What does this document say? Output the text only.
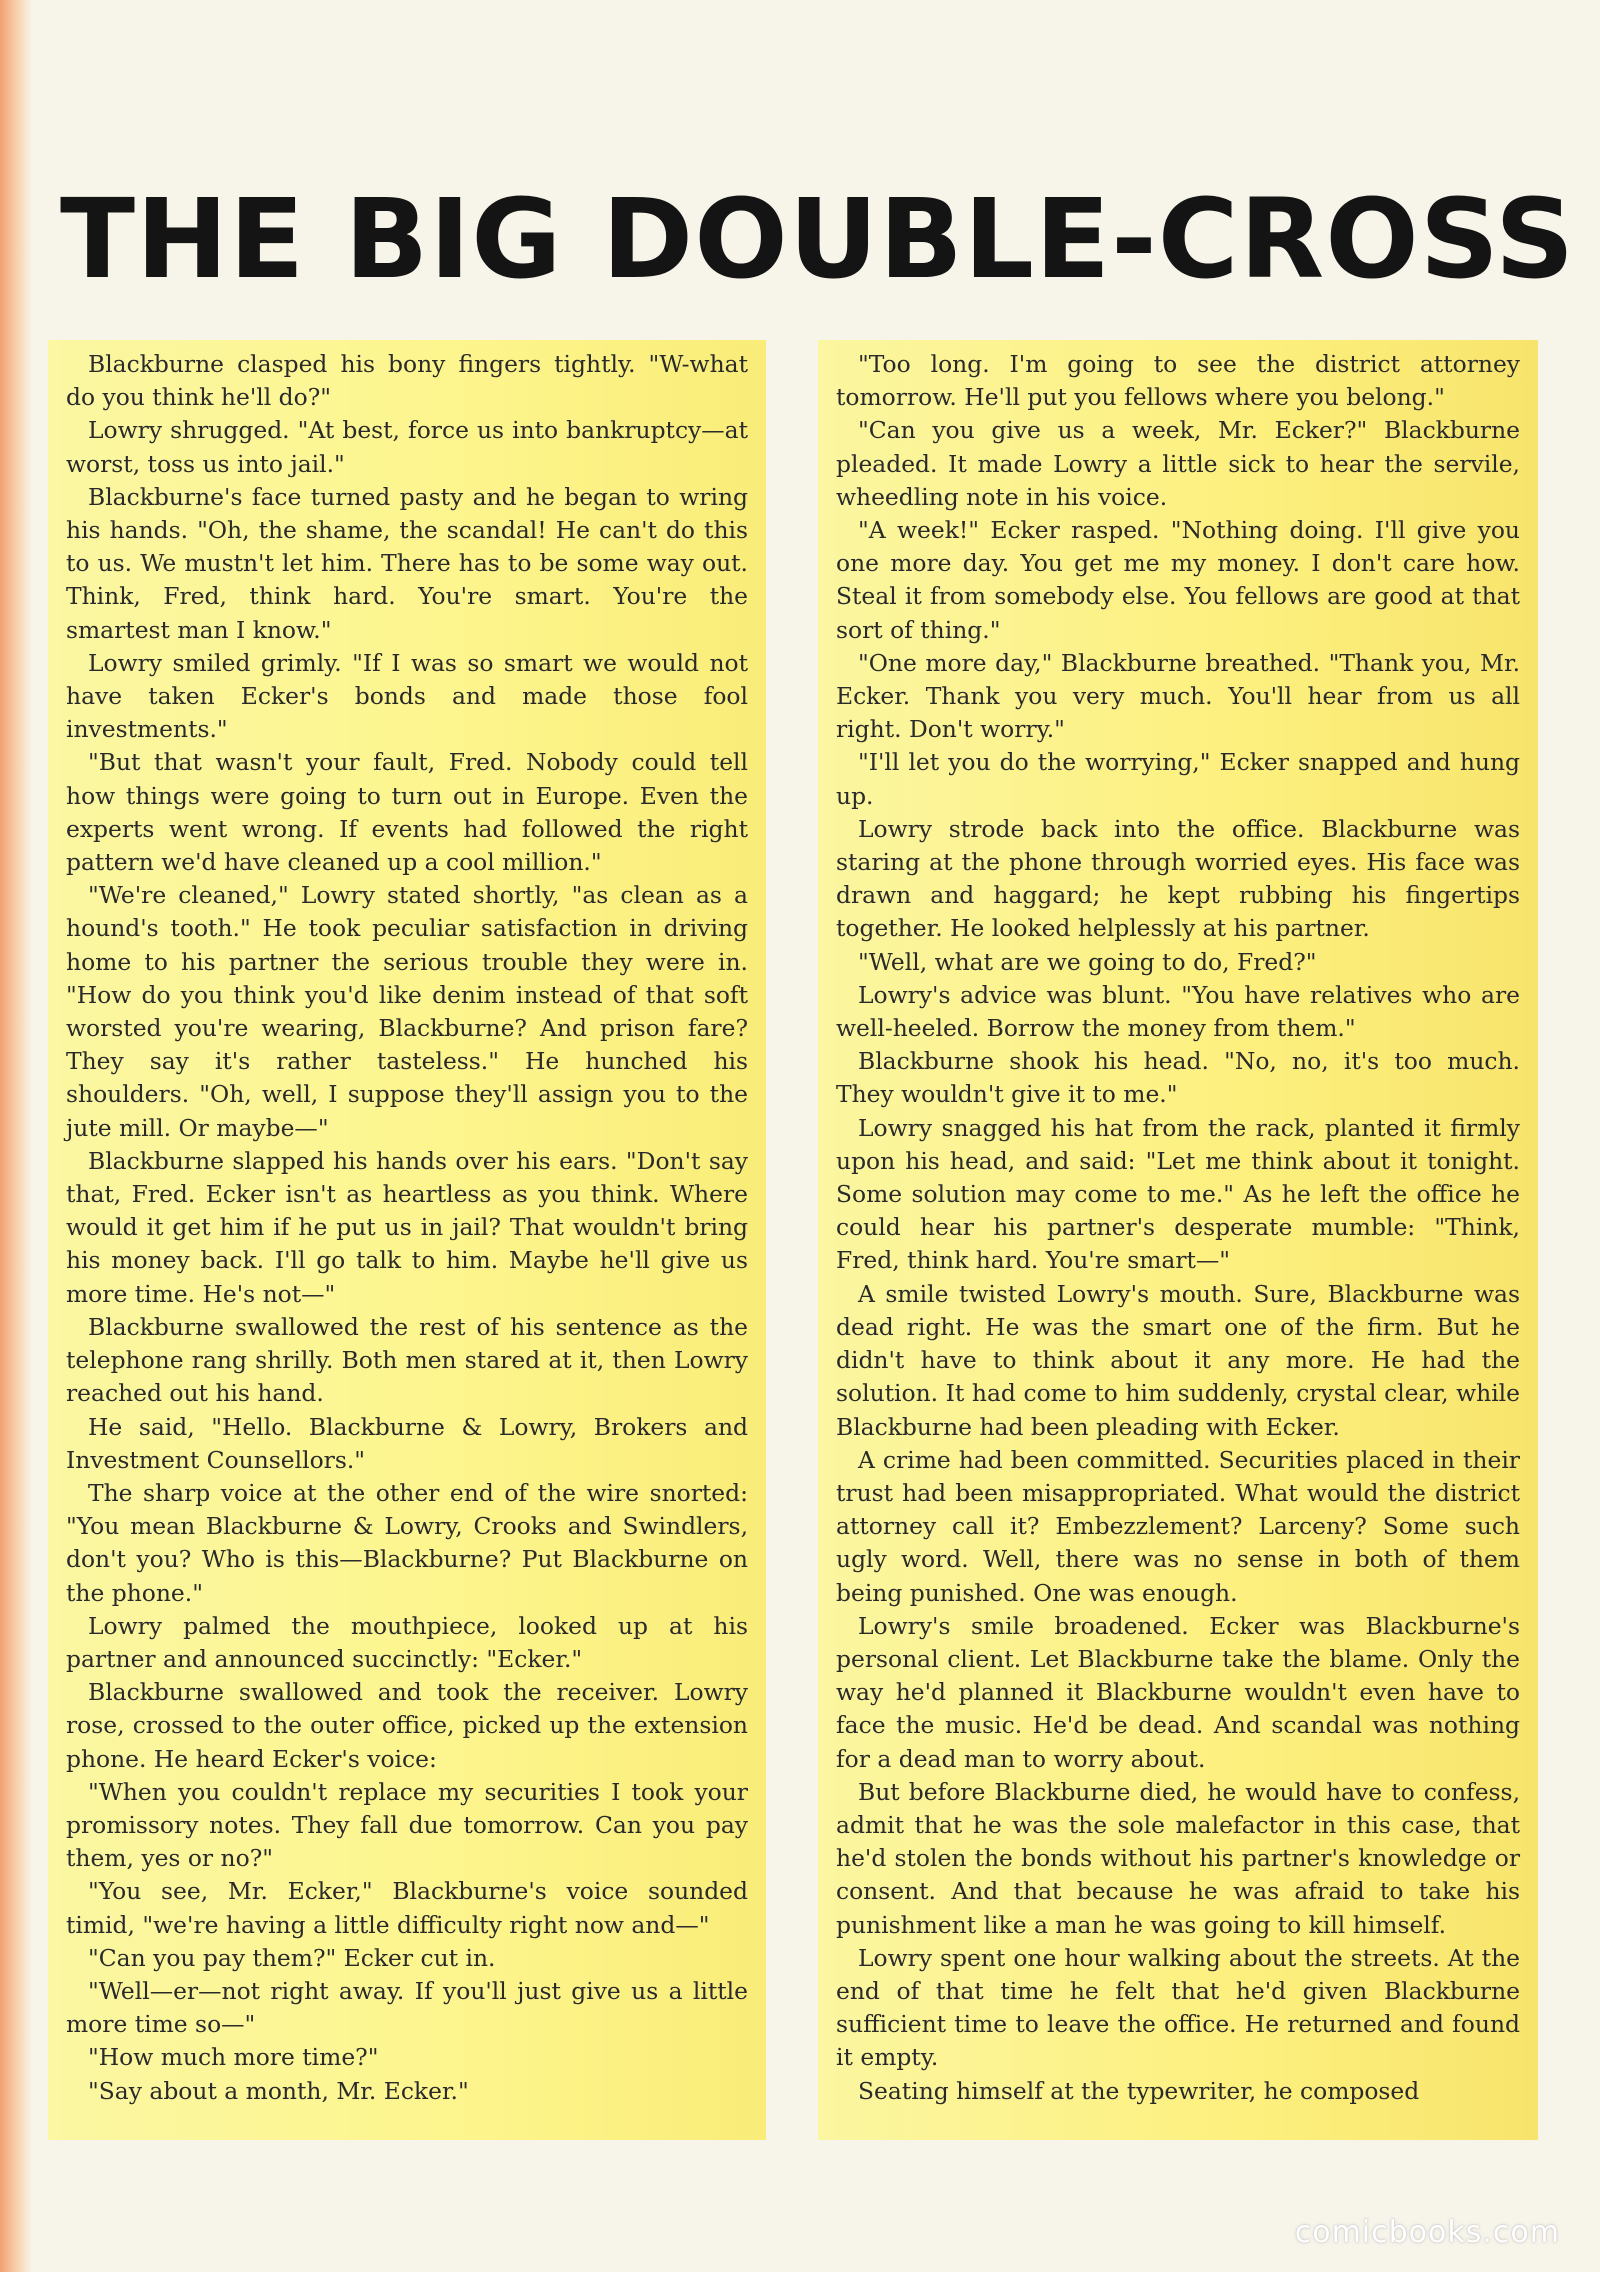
THE BIG DOUBLE-CROSS

Blackburne clasped his bony fingers tightly. "W-what do you think he'll do?"

Lowry shrugged. "At best, force us into bankruptcy—at worst, toss us into jail."

Blackburne's face turned pasty and he began to wring his hands. "Oh, the shame, the scandal! He can't do this to us. We mustn't let him. There has to be some way out. Think, Fred, think hard. You're smart. You're the smartest man I know."

Lowry smiled grimly. "If I was so smart we would not have taken Ecker's bonds and made those fool investments."

"But that wasn't your fault, Fred. Nobody could tell how things were going to turn out in Europe. Even the experts went wrong. If events had followed the right pattern we'd have cleaned up a cool million."

"We're cleaned," Lowry stated shortly, "as clean as a hound's tooth." He took peculiar satisfaction in driving home to his partner the serious trouble they were in. "How do you think you'd like denim instead of that soft worsted you're wearing, Blackburne? And prison fare? They say it's rather tasteless." He hunched his shoulders. "Oh, well, I suppose they'll assign you to the jute mill. Or maybe—"

Blackburne slapped his hands over his ears. "Don't say that, Fred. Ecker isn't as heartless as you think. Where would it get him if he put us in jail? That wouldn't bring his money back. I'll go talk to him. Maybe he'll give us more time. He's not—"

Blackburne swallowed the rest of his sentence as the telephone rang shrilly. Both men stared at it, then Lowry reached out his hand.

He said, "Hello. Blackburne & Lowry, Brokers and Investment Counsellors."

The sharp voice at the other end of the wire snorted: "You mean Blackburne & Lowry, Crooks and Swindlers, don't you? Who is this—Blackburne? Put Blackburne on the phone."

Lowry palmed the mouthpiece, looked up at his partner and announced succinctly: "Ecker."

Blackburne swallowed and took the receiver. Lowry rose, crossed to the outer office, picked up the extension phone. He heard Ecker's voice:

"When you couldn't replace my securities I took your promissory notes. They fall due tomorrow. Can you pay them, yes or no?"

"You see, Mr. Ecker," Blackburne's voice sounded timid, "we're having a little difficulty right now and—"

"Can you pay them?" Ecker cut in.

"Well—er—not right away. If you'll just give us a little more time so—"

"How much more time?"

"Say about a month, Mr. Ecker."

"Too long. I'm going to see the district attorney tomorrow. He'll put you fellows where you belong."

"Can you give us a week, Mr. Ecker?" Blackburne pleaded. It made Lowry a little sick to hear the servile, wheedling note in his voice.

"A week!" Ecker rasped. "Nothing doing. I'll give you one more day. You get me my money. I don't care how. Steal it from somebody else. You fellows are good at that sort of thing."

"One more day," Blackburne breathed. "Thank you, Mr. Ecker. Thank you very much. You'll hear from us all right. Don't worry."

"I'll let you do the worrying," Ecker snapped and hung up.

Lowry strode back into the office. Blackburne was staring at the phone through worried eyes. His face was drawn and haggard; he kept rubbing his fingertips together. He looked helplessly at his partner.

"Well, what are we going to do, Fred?"

Lowry's advice was blunt. "You have relatives who are well-heeled. Borrow the money from them."

Blackburne shook his head. "No, no, it's too much. They wouldn't give it to me."

Lowry snagged his hat from the rack, planted it firmly upon his head, and said: "Let me think about it tonight. Some solution may come to me." As he left the office he could hear his partner's desperate mumble: "Think, Fred, think hard. You're smart—"

A smile twisted Lowry's mouth. Sure, Blackburne was dead right. He was the smart one of the firm. But he didn't have to think about it any more. He had the solution. It had come to him suddenly, crystal clear, while Blackburne had been pleading with Ecker.

A crime had been committed. Securities placed in their trust had been misappropriated. What would the district attorney call it? Embezzlement? Larceny? Some such ugly word. Well, there was no sense in both of them being punished. One was enough.

Lowry's smile broadened. Ecker was Blackburne's personal client. Let Blackburne take the blame. Only the way he'd planned it Blackburne wouldn't even have to face the music. He'd be dead. And scandal was nothing for a dead man to worry about.

But before Blackburne died, he would have to confess, admit that he was the sole malefactor in this case, that he'd stolen the bonds without his partner's knowledge or consent. And that because he was afraid to take his punishment like a man he was going to kill himself.

Lowry spent one hour walking about the streets. At the end of that time he felt that he'd given Blackburne sufficient time to leave the office. He returned and found it empty.

Seating himself at the typewriter, he composed

comicbooks.com
